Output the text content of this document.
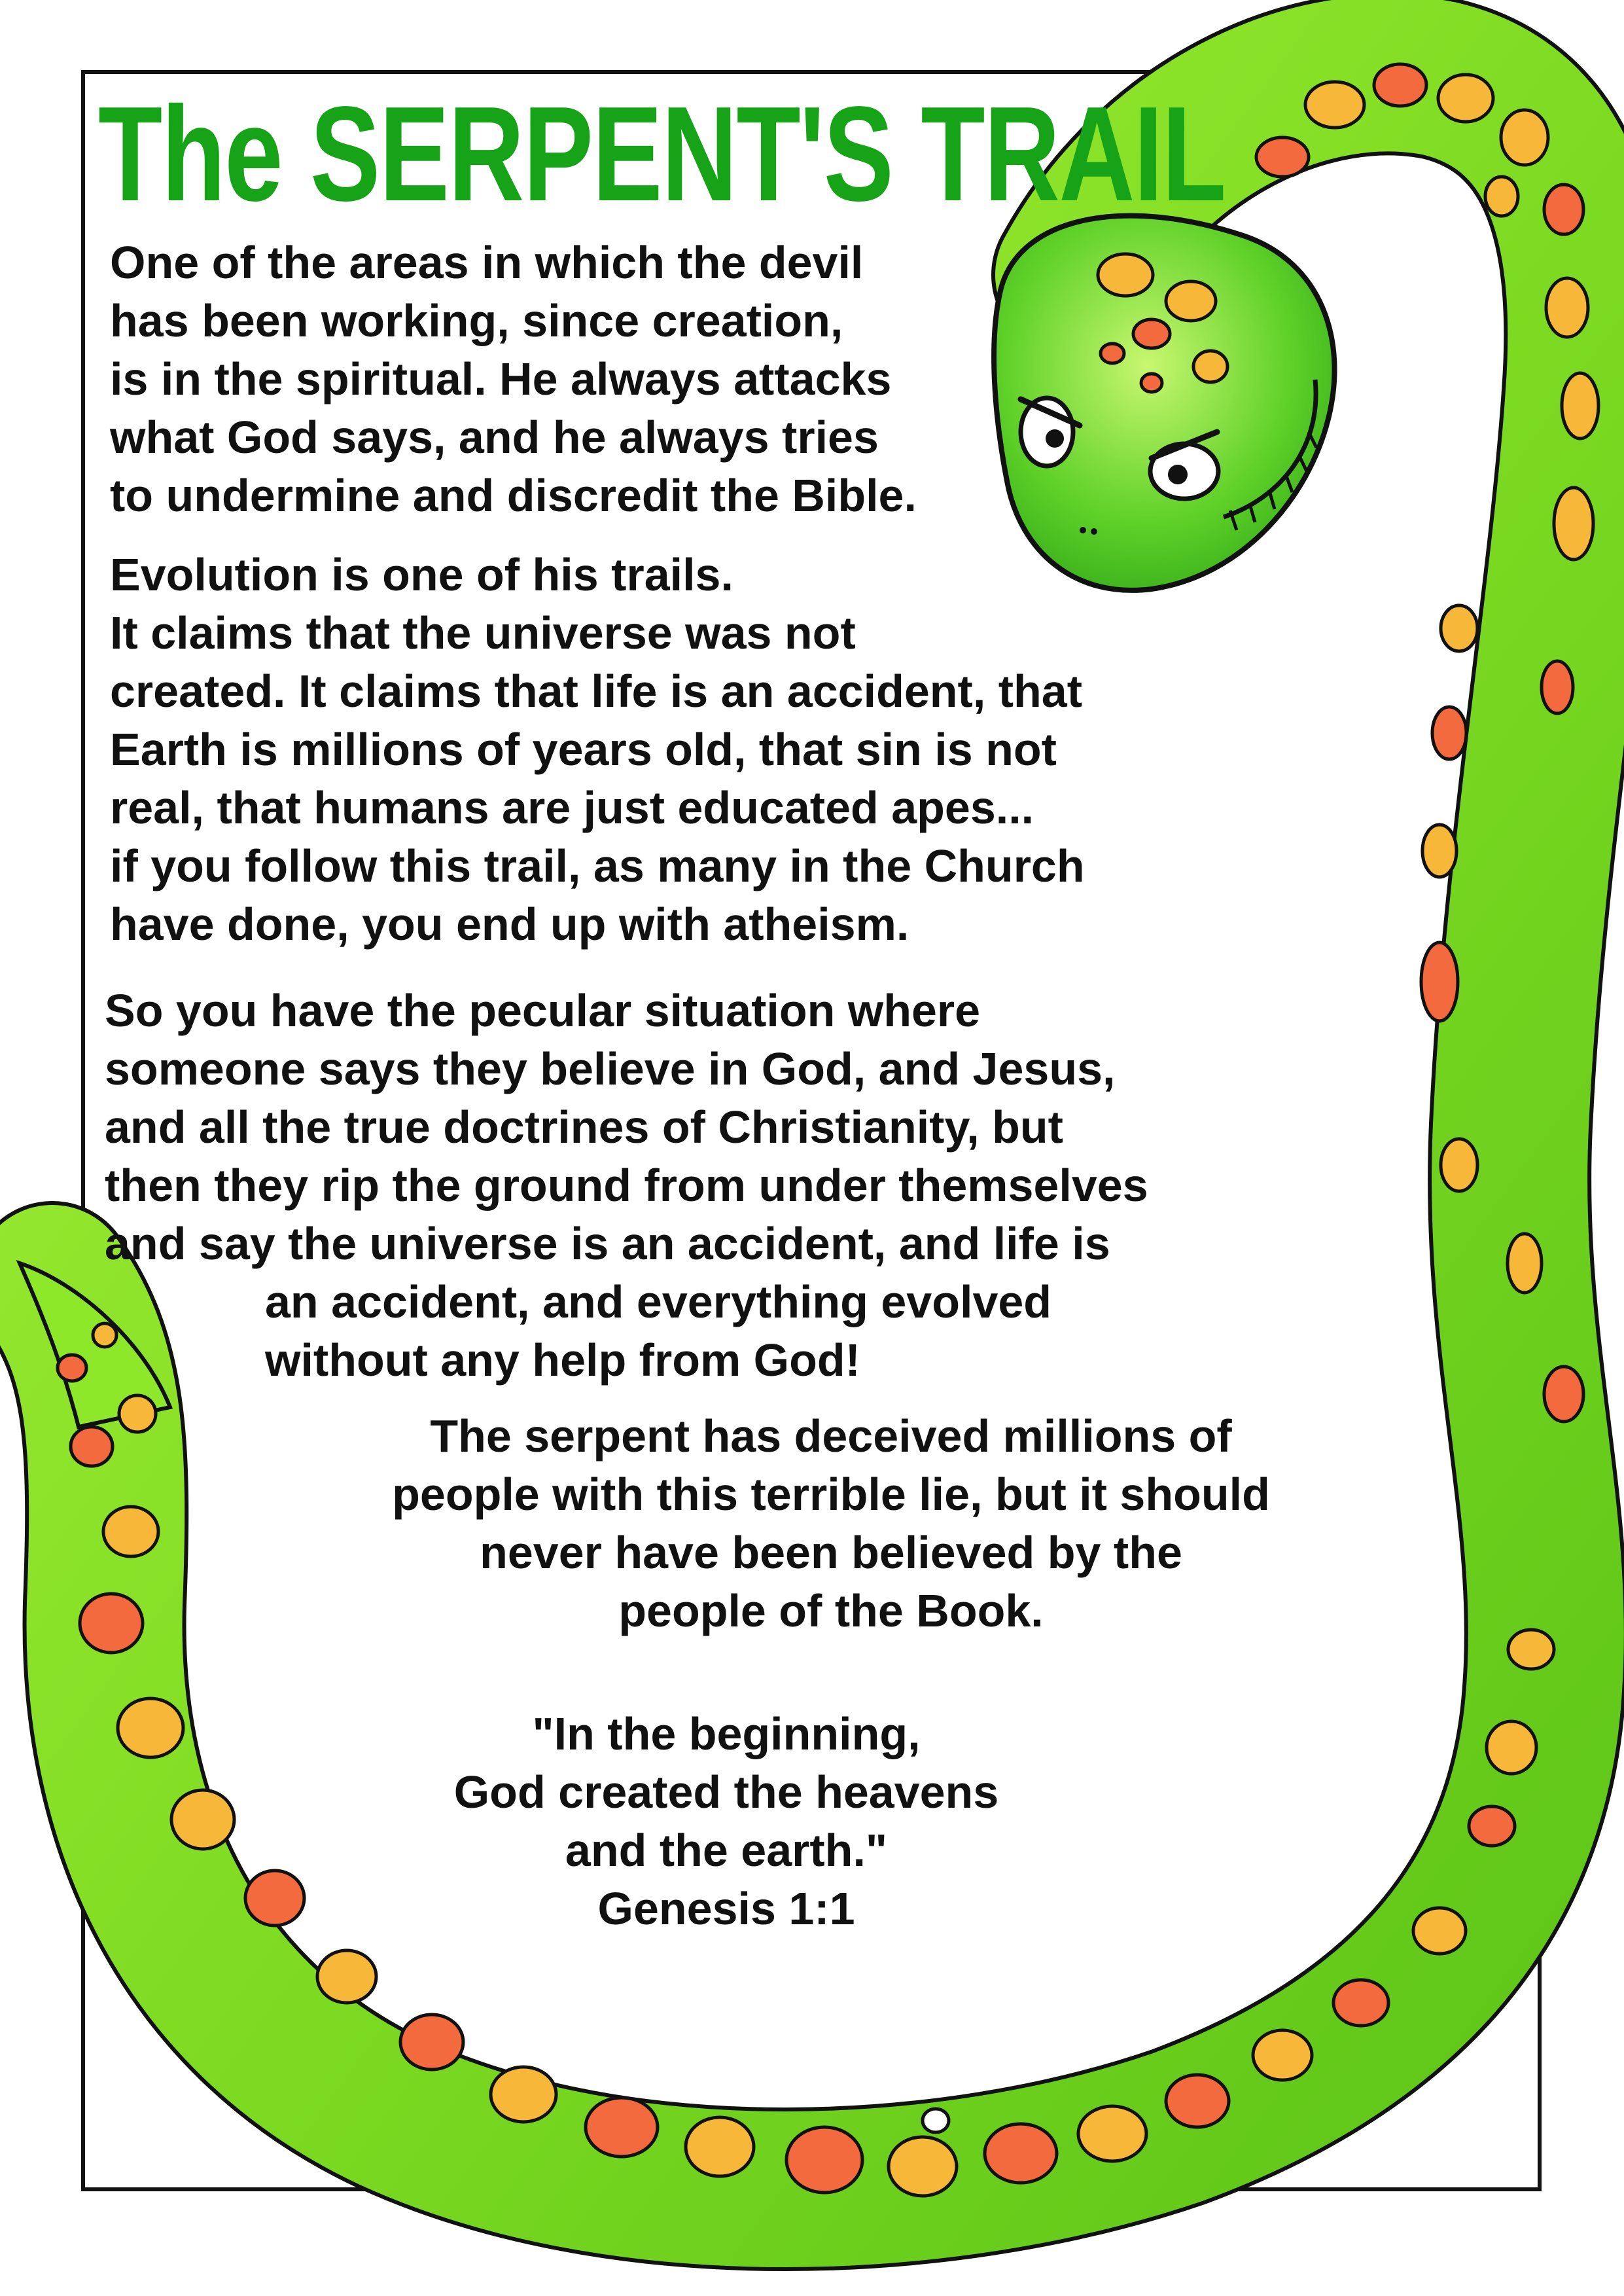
The SERPENT'S TRAIL
One of the areas in which the devil
has been working, since creation,
is in the spiritual. He always attacks
what God says, and he always tries
to undermine and discredit the Bible.
Evolution is one of his trails.
It claims that the universe was not
created. It claims that life is an accident, that
Earth is millions of years old, that sin is not
real, that humans are just educated apes...
if you follow this trail, as many in the Church
have done, you end up with atheism.
So you have the pecular situation where
someone says they believe in God, and Jesus,
and all the true doctrines of Christianity, but
then they rip the ground from under themselves
and say the universe is an accident, and life is
an accident, and everything evolved
without any help from God!
The serpent has deceived millions of
people with this terrible lie, but it should
never have been believed by the
people of the Book.
"In the beginning,
God created the heavens
and the earth."
Genesis 1:1
